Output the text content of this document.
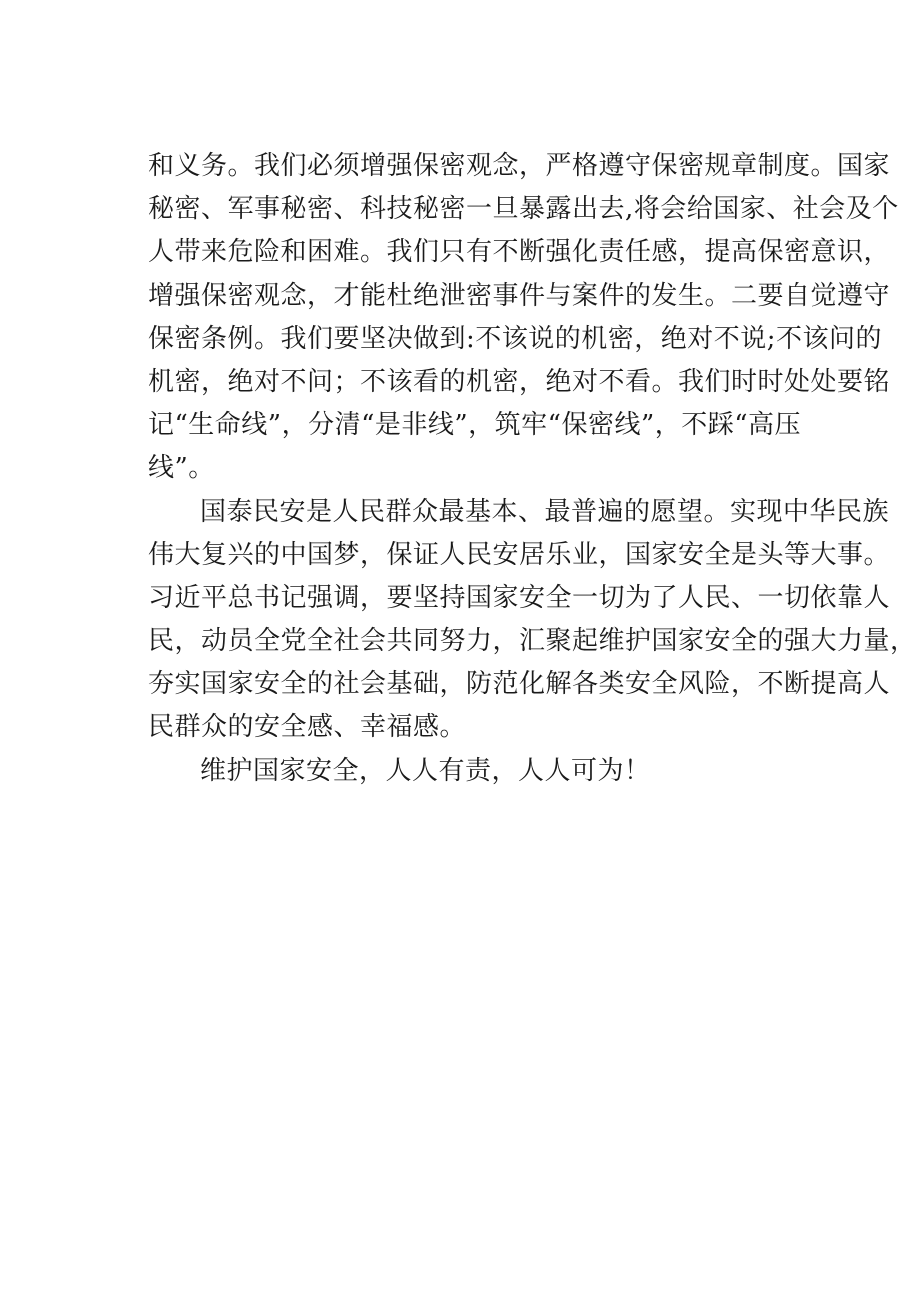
和义务。我们必须增强保密观念，严格遵守保密规章制度。国家
秘密、军事秘密、科技秘密一旦暴露出去,将会给国家、社会及个
人带来危险和困难。我们只有不断强化责任感，提高保密意识，
增强保密观念，才能杜绝泄密事件与案件的发生。二要自觉遵守
保密条例。我们要坚决做到:不该说的机密，绝对不说;不该问的
机密，绝对不问；不该看的机密，绝对不看。我们时时处处要铭
记“生命线”，分清“是非线”，筑牢“保密线”，不踩“高压
线”。
国泰民安是人民群众最基本、最普遍的愿望。实现中华民族
伟大复兴的中国梦，保证人民安居乐业，国家安全是头等大事。
习近平总书记强调，要坚持国家安全一切为了人民、一切依靠人
民，动员全党全社会共同努力，汇聚起维护国家安全的强大力量，
夯实国家安全的社会基础，防范化解各类安全风险，不断提高人
民群众的安全感、幸福感。
维护国家安全，人人有责，人人可为！
